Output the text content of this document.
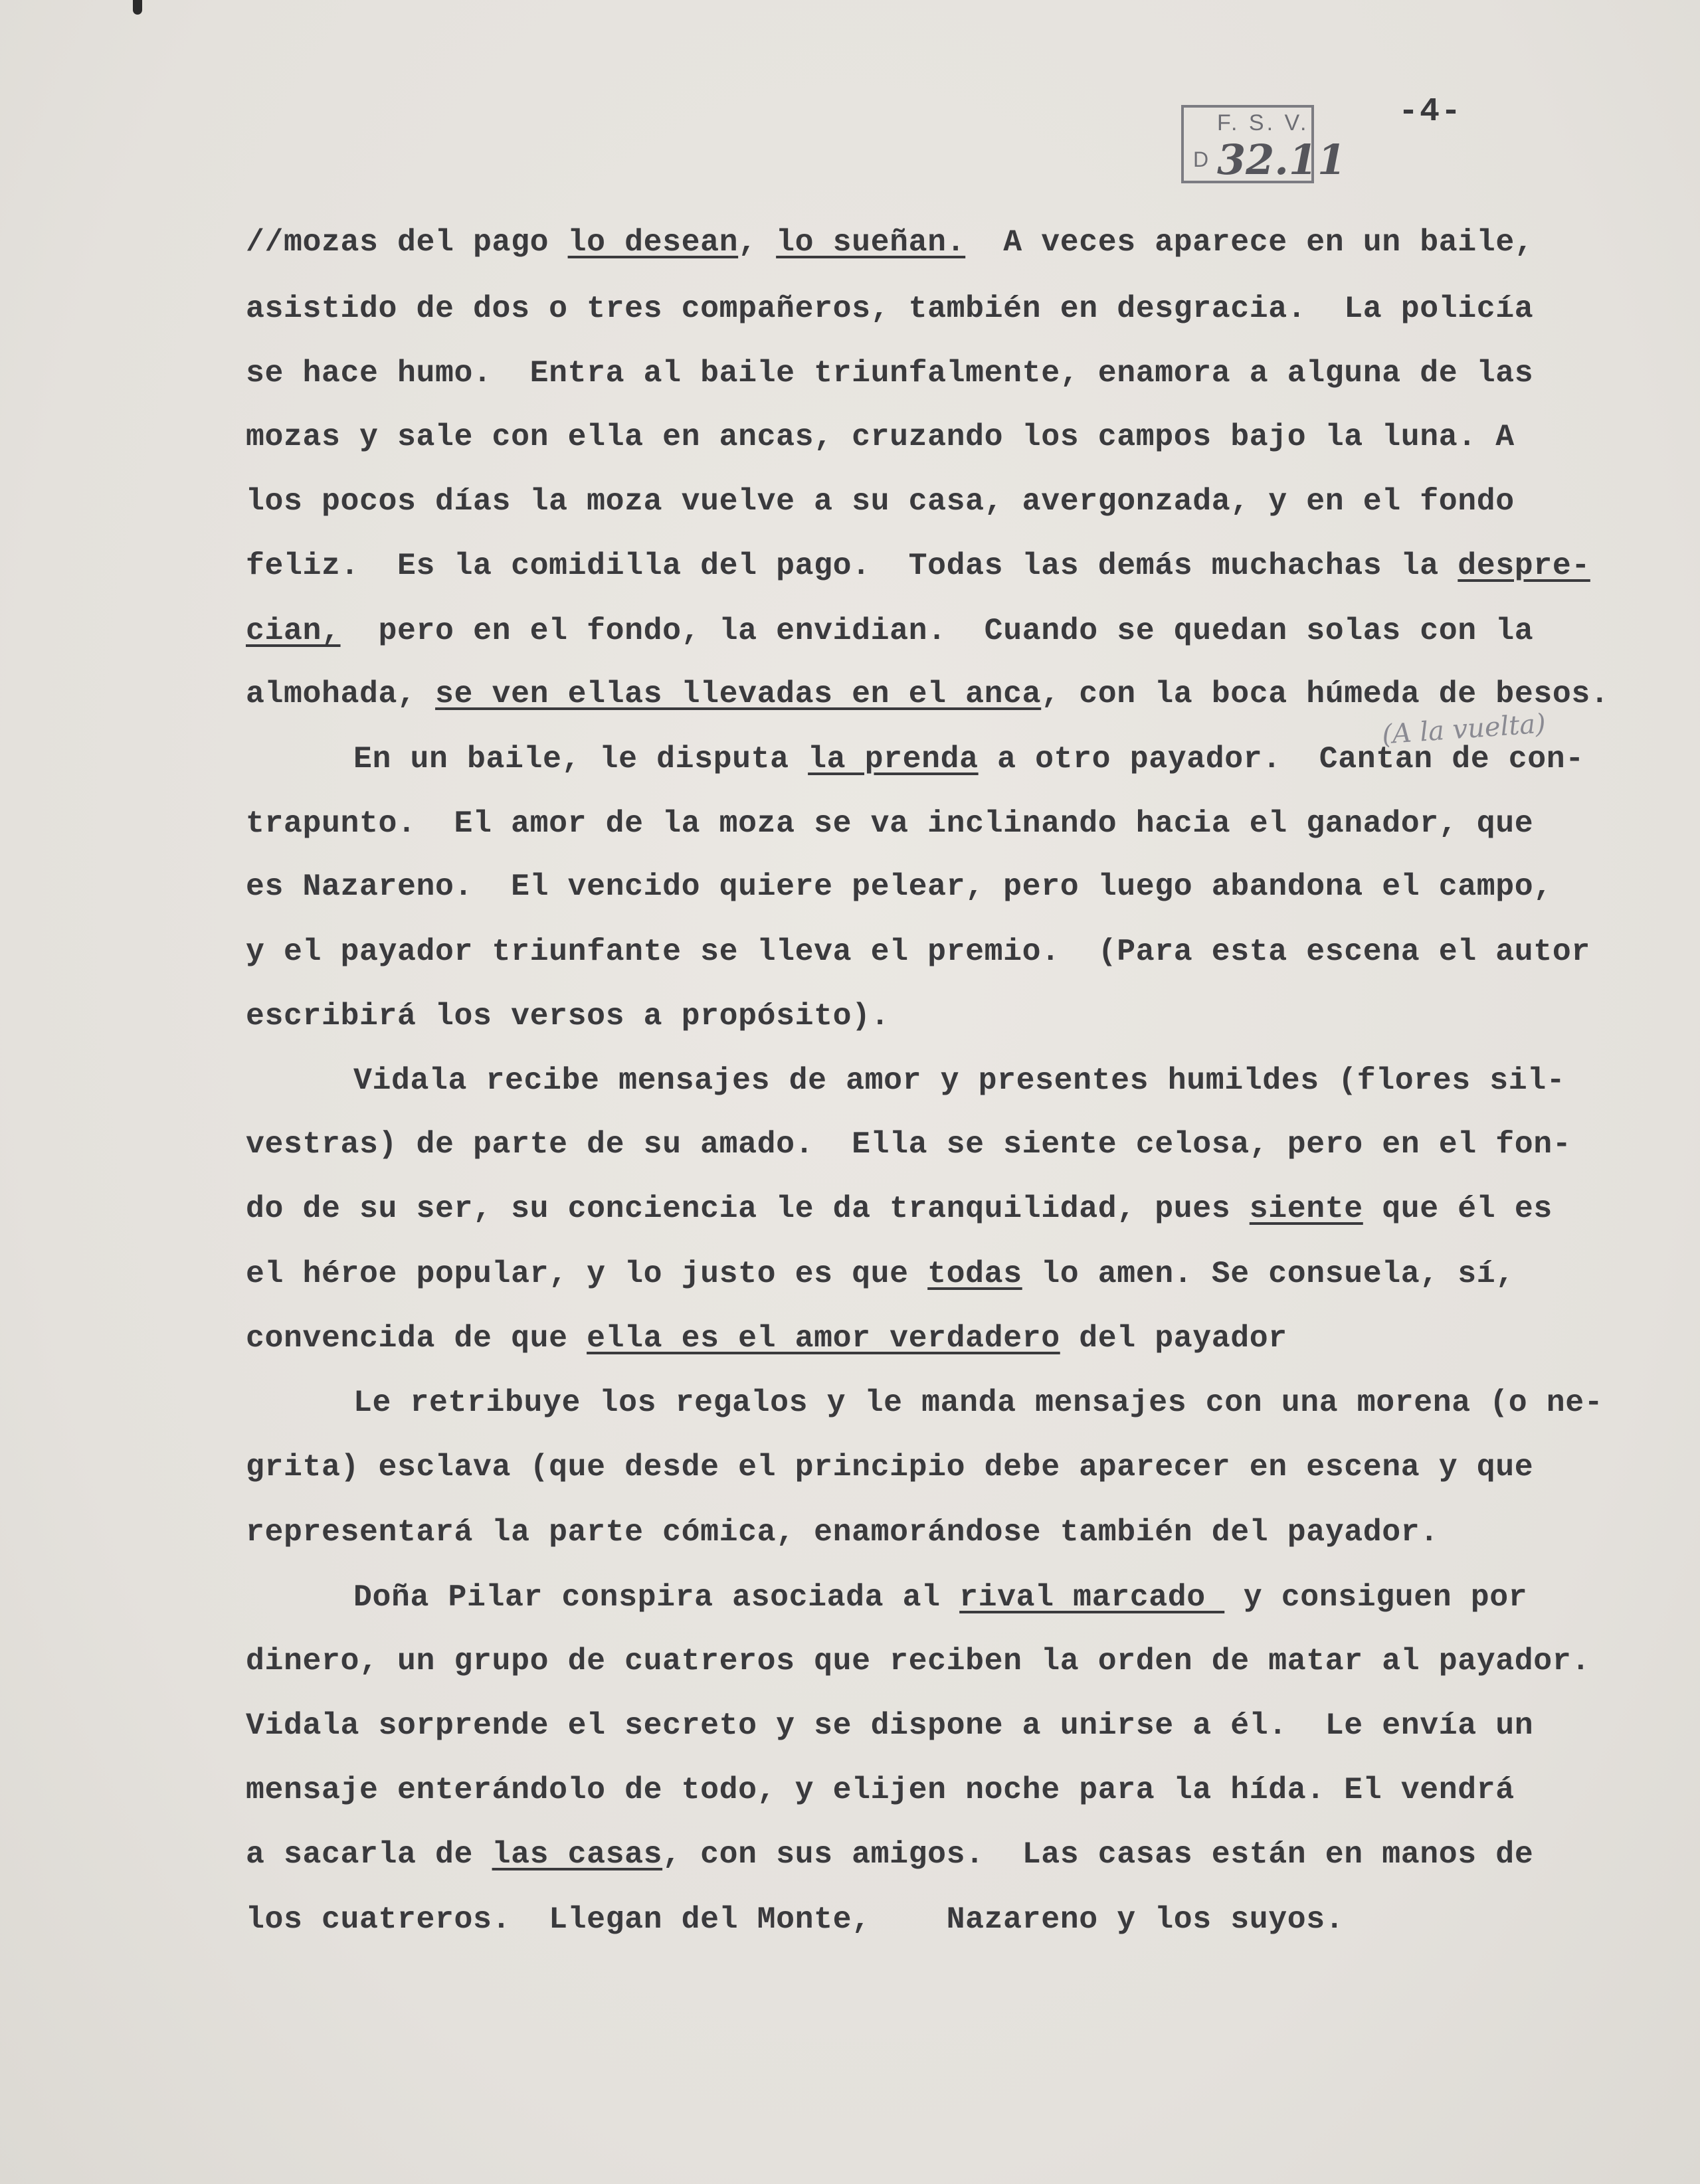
F. S. V.
D 32.11
-4-
(A la vuelta)
//mozas del pago lo desean, lo sueñan.  A veces aparece en un baile,
asistido de dos o tres compañeros, también en desgracia.  La policía
se hace humo.  Entra al baile triunfalmente, enamora a alguna de las
mozas y sale con ella en ancas, cruzando los campos bajo la luna. A
los pocos días la moza vuelve a su casa, avergonzada, y en el fondo
feliz.  Es la comidilla del pago.  Todas las demás muchachas la despre-
cian,  pero en el fondo, la envidian.  Cuando se quedan solas con la
almohada, se ven ellas llevadas en el anca, con la boca húmeda de besos.
En un baile, le disputa la prenda a otro payador.  Cantan de con-
trapunto.  El amor de la moza se va inclinando hacia el ganador, que
es Nazareno.  El vencido quiere pelear, pero luego abandona el campo,
y el payador triunfante se lleva el premio.  (Para esta escena el autor
escribirá los versos a propósito).
Vidala recibe mensajes de amor y presentes humildes (flores sil-
vestras) de parte de su amado.  Ella se siente celosa, pero en el fon-
do de su ser, su conciencia le da tranquilidad, pues siente que él es
el héroe popular, y lo justo es que todas lo amen. Se consuela, sí,
convencida de que ella es el amor verdadero del payador
Le retribuye los regalos y le manda mensajes con una morena (o ne-
grita) esclava (que desde el principio debe aparecer en escena y que
representará la parte cómica, enamorándose también del payador.
Doña Pilar conspira asociada al rival marcado  y consiguen por
dinero, un grupo de cuatreros que reciben la orden de matar al payador.
Vidala sorprende el secreto y se dispone a unirse a él.  Le envía un
mensaje enterándolo de todo, y elijen noche para la hída. El vendrá
a sacarla de las casas, con sus amigos.  Las casas están en manos de
los cuatreros.  Llegan del Monte,    Nazareno y los suyos.
